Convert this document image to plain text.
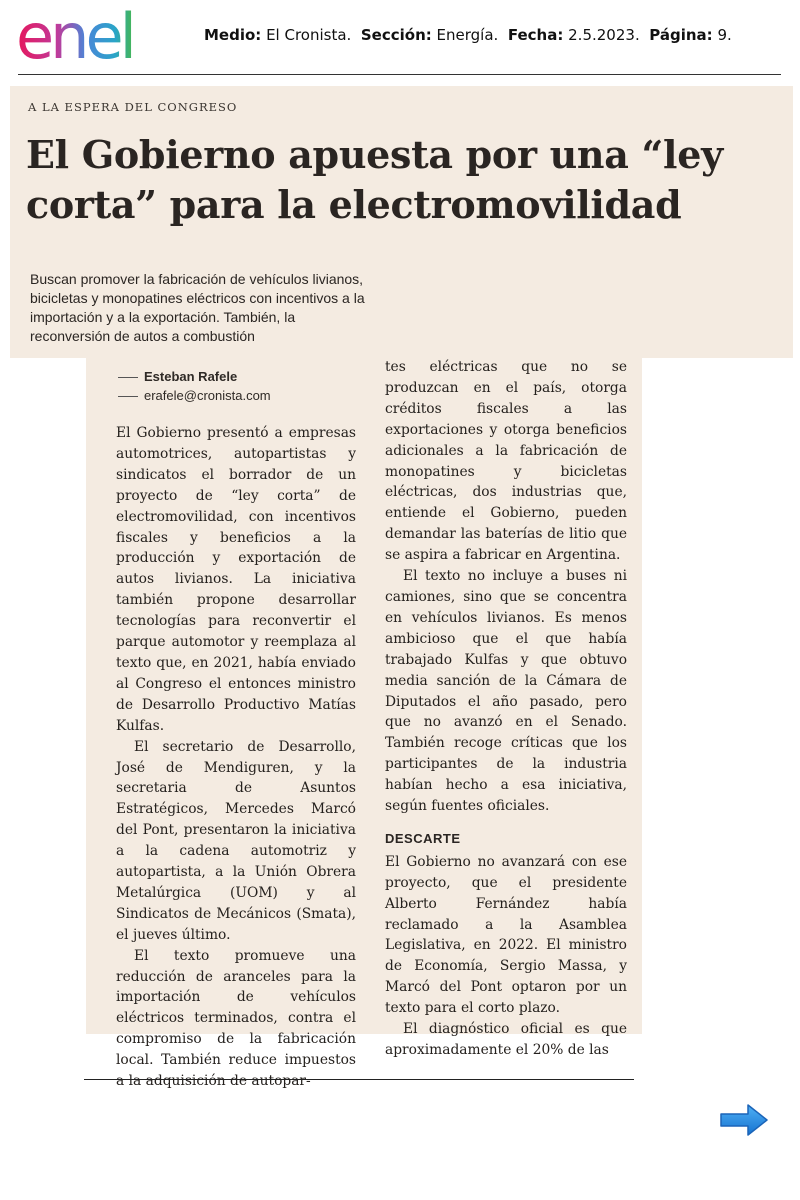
enel	Medio: El Cronista. Sección: Energía. Fecha: 2.5.2023. Página: 9.
A LA ESPERA DEL CONGRESO
El Gobierno apuesta por una “ley corta” para la electromovilidad
Buscan promover la fabricación de vehículos livianos, bicicletas y monopatines eléctricos con incentivos a la importación y a la exportación. También, la reconversión de autos a combustión
Esteban Rafele
erafele@cronista.com

El Gobierno presentó a empresas automotrices, autopartistas y sindicatos el borrador de un proyecto de “ley corta” de electromovilidad, con incentivos fiscales y beneficios a la producción y exportación de autos livianos. La iniciativa también propone desarrollar tecnologías para reconvertir el parque automotor y reemplaza al texto que, en 2021, había enviado al Congreso el entonces ministro de Desarrollo Productivo Matías Kulfas.

El secretario de Desarrollo, José de Mendiguren, y la secretaria de Asuntos Estratégicos, Mercedes Marcó del Pont, presentaron la iniciativa a la cadena automotriz y autopartista, a la Unión Obrera Metalúrgica (UOM) y al Sindicatos de Mecánicos (Smata), el jueves último.

El texto promueve una reducción de aranceles para la importación de vehículos eléctricos terminados, contra el compromiso de la fabricación local. También reduce impuestos a la adquisición de autopar-

tes eléctricas que no se produzcan en el país, otorga créditos fiscales a las exportaciones y otorga beneficios adicionales a la fabricación de monopatines y bicicletas eléctricas, dos industrias que, entiende el Gobierno, pueden demandar las baterías de litio que se aspira a fabricar en Argentina.

El texto no incluye a buses ni camiones, sino que se concentra en vehículos livianos. Es menos ambicioso que el que había trabajado Kulfas y que obtuvo media sanción de la Cámara de Diputados el año pasado, pero que no avanzó en el Senado. También recoge críticas que los participantes de la industria habían hecho a esa iniciativa, según fuentes oficiales.

DESCARTE

El Gobierno no avanzará con ese proyecto, que el presidente Alberto Fernández había reclamado a la Asamblea Legislativa, en 2022. El ministro de Economía, Sergio Massa, y Marcó del Pont optaron por un texto para el corto plazo.

El diagnóstico oficial es que aproximadamente el 20% de las
